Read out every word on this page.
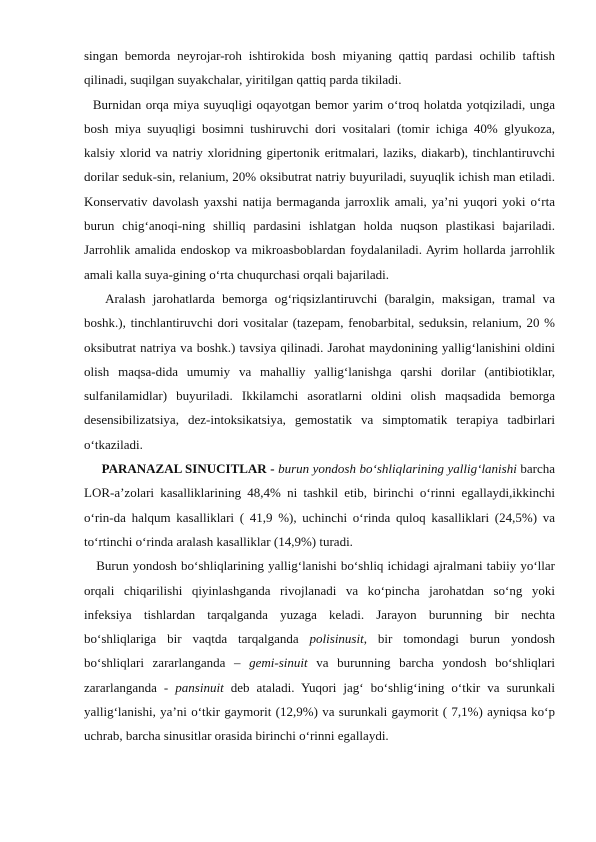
singan bemorda neyrojar-roh ishtirokida bosh miyaning qattiq pardasi ochilib taftish qilinadi, suqilgan suyakchalar, yiritilgan qattiq parda tikiladi.

Burnidan orqa miya suyuqligi oqayotgan bemor yarim o‘troq holatda yotqiziladi, unga bosh miya suyuqligi bosimni tushiruvchi dori vositalari (tomir ichiga 40% glyukoza, kalsiy xlorid va natriy xloridning gipertonik eritmalari, laziks, diakarb), tinchlantiruvchi dorilar seduk-sin, relanium, 20% oksibutrat natriy buyuriladi, suyuqlik ichish man etiladi. Konservativ davolash yaxshi natija bermaganda jarroxlik amali, ya’ni yuqori yoki o‘rta burun chig‘anoqi-ning shilliq pardasini ishlatgan holda nuqson plastikasi bajariladi. Jarrohlik amalida endoskop va mikroasboblardan foydalaniladi. Ayrim hollarda jarrohlik amali kalla suya-gining o‘rta chuqurchasi orqali bajariladi.

Aralash jarohatlarda bemorga og‘riqsizlantiruvchi (baralgin, maksigan, tramal va boshk.), tinchlantiruvchi dori vositalar (tazepam, fenobarbital, seduksin, relanium, 20 % oksibutrat natriya va boshk.) tavsiya qilinadi. Jarohat maydonining yallig‘lanishini oldini olish maqsa-dida umumiy va mahalliy yallig‘lanishga qarshi dorilar (antibiotiklar, sulfanilamidlar) buyuriladi. Ikkilamchi asoratlarni oldini olish maqsadida bemorga desensibilizatsiya, dez-intoksikatsiya, gemostatik va simptomatik terapiya tadbirlari o‘tkaziladi.

PARANAZAL SINUCITLAR - burun yondosh bo‘shliqlarining yallig‘lanishi barcha LOR-a’zolari kasalliklarining 48,4% ni tashkil etib, birinchi o‘rinni egallaydi,ikkinchi o‘rin-da halqum kasalliklari ( 41,9 %), uchinchi o‘rinda quloq kasalliklari (24,5%) va to‘rtinchi o‘rinda aralash kasalliklar (14,9%) turadi.

Burun yondosh bo‘shliqlarining yallig‘lanishi bo‘shliq ichidagi ajralmani tabiiy yo‘llar orqali chiqarilishi qiyinlashganda rivojlanadi va ko‘pincha jarohatdan so‘ng yoki infeksiya tishlardan tarqalganda yuzaga keladi. Jarayon burunning bir nechta bo‘shliqlariga bir vaqtda tarqalganda polisinusit, bir tomondagi burun yondosh bo‘shliqlari zararlanganda – gemi-sinuit va burunning barcha yondosh bo‘shliqlari zararlanganda - pansinuit deb ataladi. Yuqori jag‘ bo‘shlig‘ining o‘tkir va surunkali yallig‘lanishi, ya’ni o‘tkir gaymorit (12,9%) va surunkali gaymorit ( 7,1%) ayniqsa ko‘p uchrab, barcha sinusitlar orasida birinchi o‘rinni egallaydi.
